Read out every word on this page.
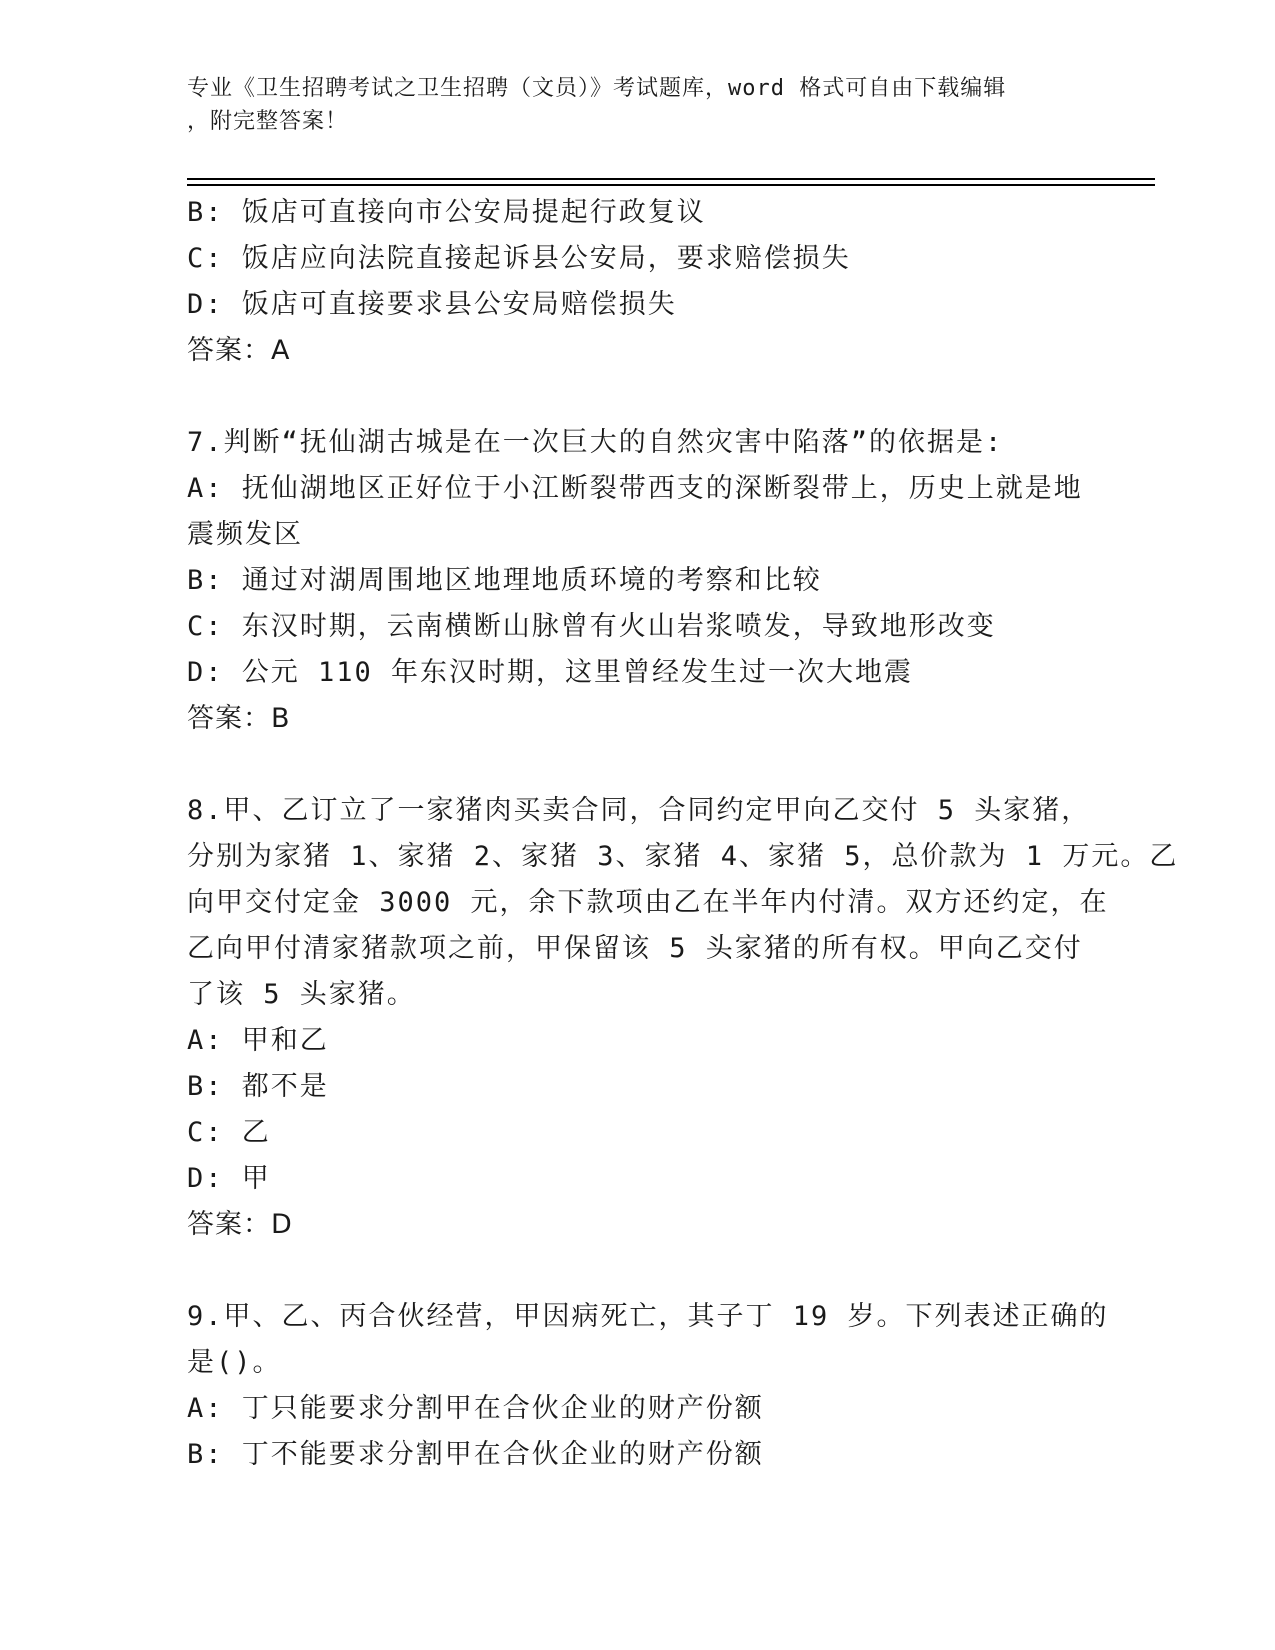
专业《卫生招聘考试之卫生招聘（文员）》考试题库，word 格式可自由下载编辑
，附完整答案！
B: 饭店可直接向市公安局提起行政复议
C: 饭店应向法院直接起诉县公安局，要求赔偿损失
D: 饭店可直接要求县公安局赔偿损失
答案：A
7.判断“抚仙湖古城是在一次巨大的自然灾害中陷落”的依据是:
A: 抚仙湖地区正好位于小江断裂带西支的深断裂带上，历史上就是地
震频发区
B: 通过对湖周围地区地理地质环境的考察和比较
C: 东汉时期，云南横断山脉曾有火山岩浆喷发，导致地形改变
D: 公元 110 年东汉时期，这里曾经发生过一次大地震
答案：B
8.甲、乙订立了一家猪肉买卖合同，合同约定甲向乙交付 5 头家猪，
分别为家猪 1、家猪 2、家猪 3、家猪 4、家猪 5，总价款为 1 万元。乙
向甲交付定金 3000 元，余下款项由乙在半年内付清。双方还约定，在
乙向甲付清家猪款项之前，甲保留该 5 头家猪的所有权。甲向乙交付
了该 5 头家猪。
A: 甲和乙
B: 都不是
C: 乙
D: 甲
答案：D
9.甲、乙、丙合伙经营，甲因病死亡，其子丁 19 岁。下列表述正确的
是()。
A: 丁只能要求分割甲在合伙企业的财产份额
B: 丁不能要求分割甲在合伙企业的财产份额
